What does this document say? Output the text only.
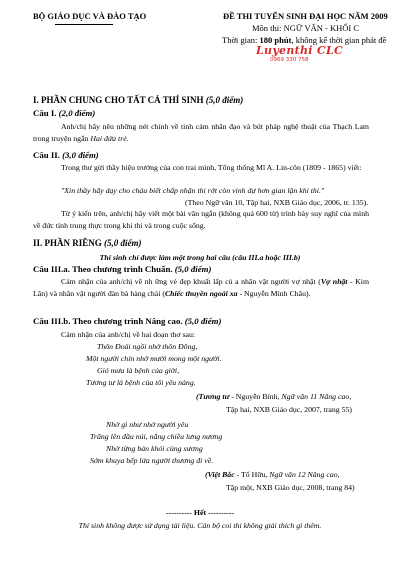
BỘ GIÁO DỤC VÀ ĐÀO TẠO	ĐỀ THI TUYỂN SINH ĐẠI HỌC NĂM 2009
Môn thi: NGỮ VĂN - KHỐI C
Thời gian: 180 phút, không kể thời gian phát đề
Luyenthi CLC
0969 330 758
I. PHẦN CHUNG CHO TẤT CẢ THÍ SINH (5,0 điểm)
Câu I. (2,0 điểm)
Anh/chị hãy nêu những nét chính về tinh cảm nhân đạo và bút pháp nghệ thuật của Thạch Lam trong truyện ngắn Hai đứa trẻ.
Câu II. (3,0 điểm)
Trong thư gửi thầy hiệu trưởng của con trai mình, Tổng thống Mĩ A. Lin-côn (1809 - 1865) viết:
"Xin thầy hãy dạy cho cháu biết chấp nhận thi rớt còn vinh dự hơn gian lận khi thi."
(Theo Ngữ văn 10, Tập hai, NXB Giáo dục, 2006, tr. 135).
Từ ý kiến trên, anh/chị hãy viết một bài văn ngắn (không quá 600 từ) trình bày suy nghĩ của mình về đức tính trung thực trong khi thi và trong cuộc sống.
II. PHẦN RIÊNG (5,0 điểm)
Thí sinh chỉ được làm một trong hai câu (câu III.a hoặc III.b)
Câu III.a. Theo chương trình Chuẩn. (5,0 điểm)
Cảm nhận của anh/chị về nh ững vẻ đẹp khuất lấp củ a nhân vật người vợ nhặt (Vợ nhặt - Kim Lân) và nhân vật người đàn bà hàng chài (Chiếc thuyền ngoài xa - Nguyễn Minh Châu).
Câu III.b. Theo chương trình Nâng cao. (5,0 điểm)
Cảm nhận của anh/chị về hai đoạn thơ sau:
Thôn Đoài ngồi nhớ thôn Đông,
Một người chín nhớ mười mong một người.
Gió mưa là bệnh của giời,
Tương tư là bệnh của tôi yêu nàng.
(Tương tư - Nguyễn Bính, Ngữ văn 11 Nâng cao,
Tập hai, NXB Giáo dục, 2007, trang 55)
Nhớ gì như nhớ người yêu
Trăng lên đầu núi, nắng chiều lưng nương
Nhớ từng bản khói cùng sương
Sớm khuya bếp lửa người thương đi về.
(Việt Bắc - Tố Hữu, Ngữ văn 12 Nâng cao,
Tập một, NXB Giáo dục, 2008, trang 84)
---------- Hết ----------
Thí sinh không được sử dụng tài liệu. Cán bộ coi thi không giải thích gì thêm.
